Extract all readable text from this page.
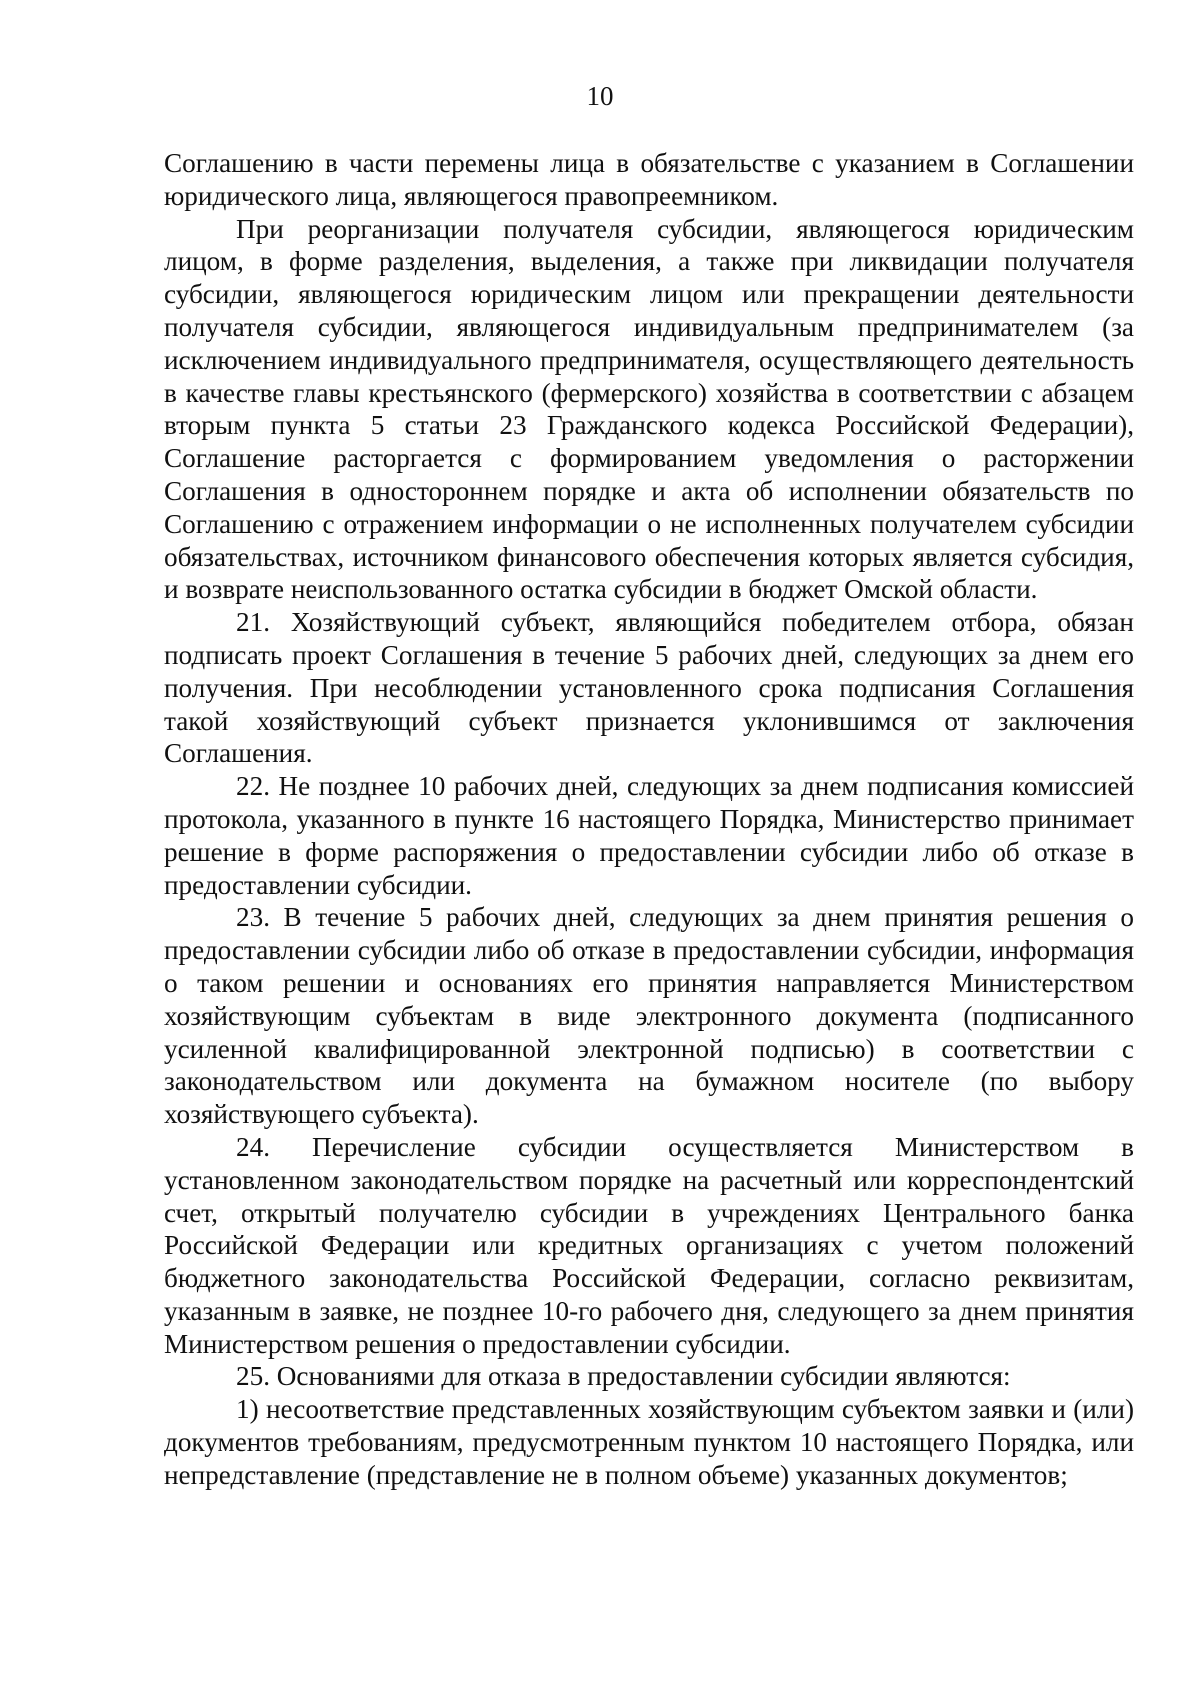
10

Соглашению в части перемены лица в обязательстве с указанием в Соглашении юридического лица, являющегося правопреемником.

При реорганизации получателя субсидии, являющегося юридическим лицом, в форме разделения, выделения, а также при ликвидации получателя субсидии, являющегося юридическим лицом или прекращении деятельности получателя субсидии, являющегося индивидуальным предпринимателем (за исключением индивидуального предпринимателя, осуществляющего деятельность в качестве главы крестьянского (фермерского) хозяйства в соответствии с абзацем вторым пункта 5 статьи 23 Гражданского кодекса Российской Федерации), Соглашение расторгается с формированием уведомления о расторжении Соглашения в одностороннем порядке и акта об исполнении обязательств по Соглашению с отражением информации о не исполненных получателем субсидии обязательствах, источником финансового обеспечения которых является субсидия, и возврате неиспользованного остатка субсидии в бюджет Омской области.

21. Хозяйствующий субъект, являющийся победителем отбора, обязан подписать проект Соглашения в течение 5 рабочих дней, следующих за днем его получения. При несоблюдении установленного срока подписания Соглашения такой хозяйствующий субъект признается уклонившимся от заключения Соглашения.

22. Не позднее 10 рабочих дней, следующих за днем подписания комиссией протокола, указанного в пункте 16 настоящего Порядка, Министерство принимает решение в форме распоряжения о предоставлении субсидии либо об отказе в предоставлении субсидии.

23. В течение 5 рабочих дней, следующих за днем принятия решения о предоставлении субсидии либо об отказе в предоставлении субсидии, информация о таком решении и основаниях его принятия направляется Министерством хозяйствующим субъектам в виде электронного документа (подписанного усиленной квалифицированной электронной подписью) в соответствии с законодательством или документа на бумажном носителе (по выбору хозяйствующего субъекта).

24. Перечисление субсидии осуществляется Министерством в установленном законодательством порядке на расчетный или корреспондентский счет, открытый получателю субсидии в учреждениях Центрального банка Российской Федерации или кредитных организациях с учетом положений бюджетного законодательства Российской Федерации, согласно реквизитам, указанным в заявке, не позднее 10-го рабочего дня, следующего за днем принятия Министерством решения о предоставлении субсидии.

25. Основаниями для отказа в предоставлении субсидии являются:

1) несоответствие представленных хозяйствующим субъектом заявки и (или) документов требованиям, предусмотренным пунктом 10 настоящего Порядка, или непредставление (представление не в полном объеме) указанных документов;
